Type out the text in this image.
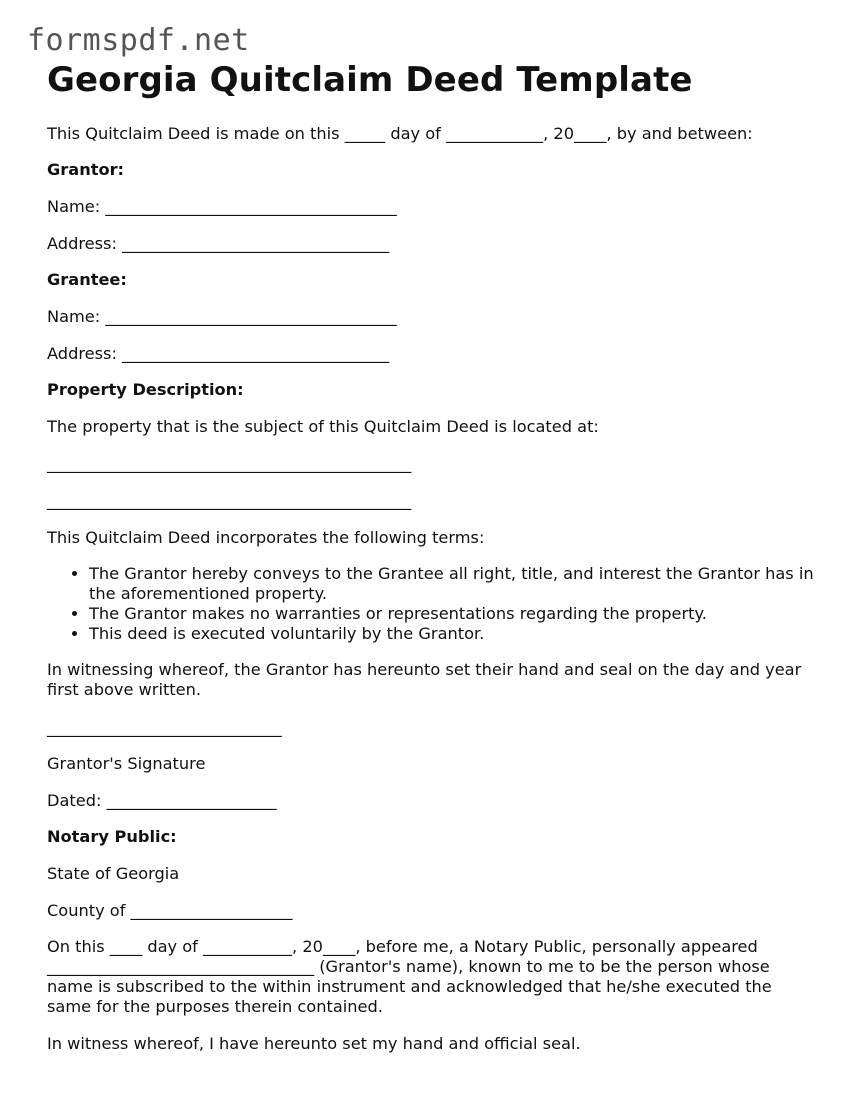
formspdf.net
Georgia Quitclaim Deed Template

This Quitclaim Deed is made on this _____ day of ____________, 20____, by and between:

Grantor:

Name: ____________________________________

Address: _________________________________

Grantee:

Name: ____________________________________

Address: _________________________________

Property Description:

The property that is the subject of this Quitclaim Deed is located at:

_____________________________________________

_____________________________________________

This Quitclaim Deed incorporates the following terms:

• The Grantor hereby conveys to the Grantee all right, title, and interest the Grantor has in the aforementioned property.
• The Grantor makes no warranties or representations regarding the property.
• This deed is executed voluntarily by the Grantor.

In witnessing whereof, the Grantor has hereunto set their hand and seal on the day and year first above written.

_____________________________

Grantor's Signature

Dated: _____________________

Notary Public:

State of Georgia

County of ____________________

On this ____ day of ___________, 20____, before me, a Notary Public, personally appeared _________________________________ (Grantor's name), known to me to be the person whose name is subscribed to the within instrument and acknowledged that he/she executed the same for the purposes therein contained.

In witness whereof, I have hereunto set my hand and official seal.
